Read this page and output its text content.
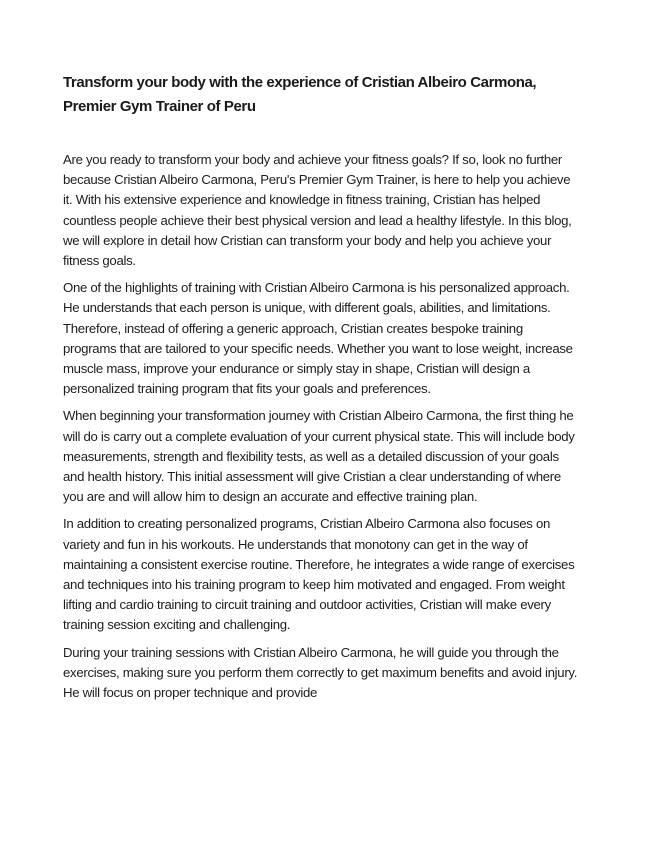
Transform your body with the experience of Cristian Albeiro Carmona, Premier Gym Trainer of Peru

Are you ready to transform your body and achieve your fitness goals? If so, look no further because Cristian Albeiro Carmona, Peru's Premier Gym Trainer, is here to help you achieve it. With his extensive experience and knowledge in fitness training, Cristian has helped countless people achieve their best physical version and lead a healthy lifestyle. In this blog, we will explore in detail how Cristian can transform your body and help you achieve your fitness goals.

One of the highlights of training with Cristian Albeiro Carmona is his personalized approach. He understands that each person is unique, with different goals, abilities, and limitations. Therefore, instead of offering a generic approach, Cristian creates bespoke training programs that are tailored to your specific needs. Whether you want to lose weight, increase muscle mass, improve your endurance or simply stay in shape, Cristian will design a personalized training program that fits your goals and preferences.

When beginning your transformation journey with Cristian Albeiro Carmona, the first thing he will do is carry out a complete evaluation of your current physical state. This will include body measurements, strength and flexibility tests, as well as a detailed discussion of your goals and health history. This initial assessment will give Cristian a clear understanding of where you are and will allow him to design an accurate and effective training plan.

In addition to creating personalized programs, Cristian Albeiro Carmona also focuses on variety and fun in his workouts. He understands that monotony can get in the way of maintaining a consistent exercise routine. Therefore, he integrates a wide range of exercises and techniques into his training program to keep him motivated and engaged. From weight lifting and cardio training to circuit training and outdoor activities, Cristian will make every training session exciting and challenging.

During your training sessions with Cristian Albeiro Carmona, he will guide you through the exercises, making sure you perform them correctly to get maximum benefits and avoid injury. He will focus on proper technique and provide
